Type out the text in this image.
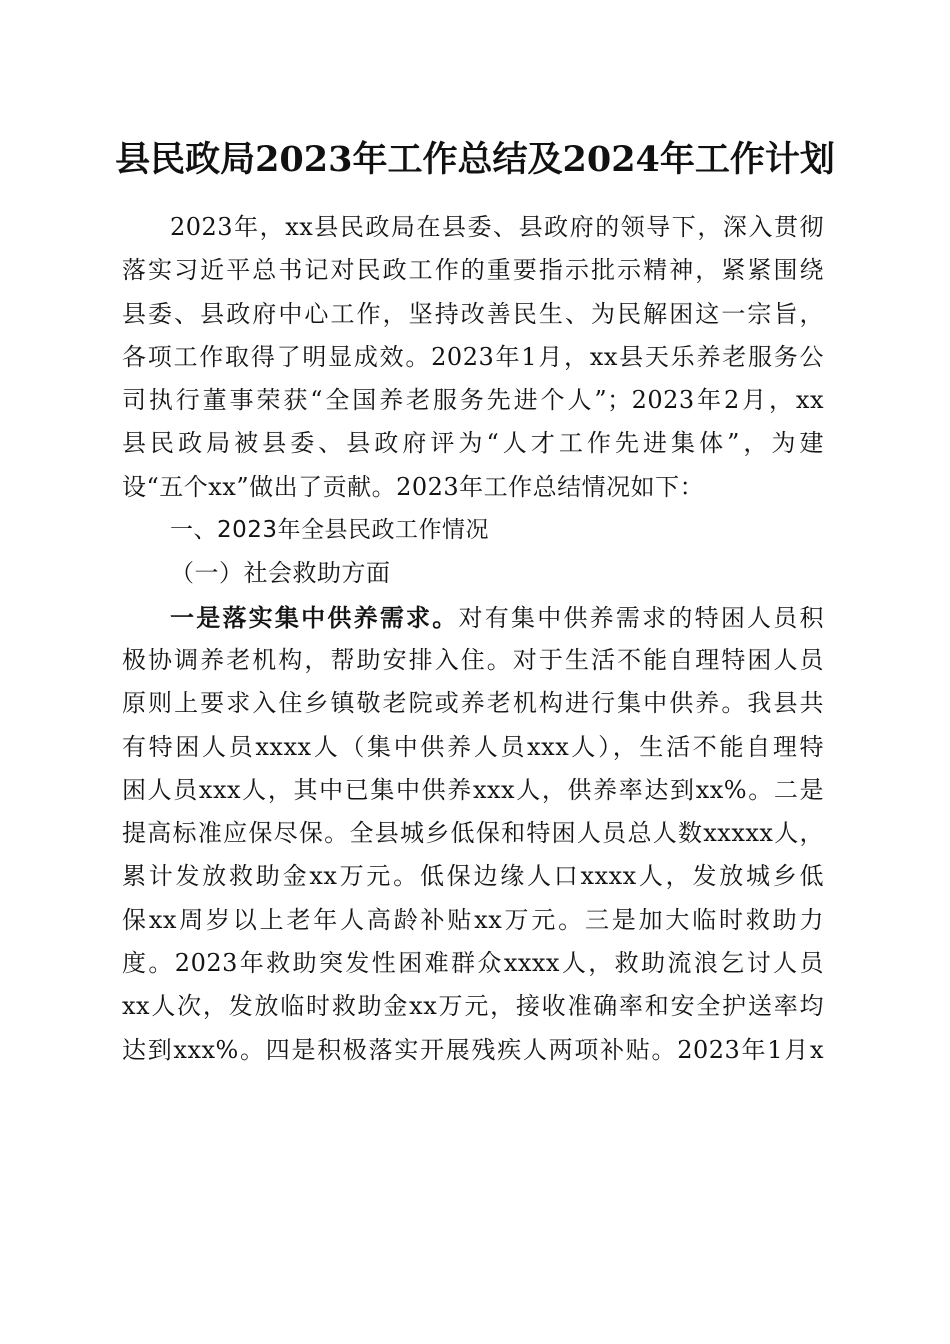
县民政局2023年工作总结及2024年工作计划
2023年，xx县民政局在县委、县政府的领导下，深入贯彻
落实习近平总书记对民政工作的重要指示批示精神，紧紧围绕
县委、县政府中心工作，坚持改善民生、为民解困这一宗旨，
各项工作取得了明显成效。2023年1月，xx县天乐养老服务公
司执行董事荣获“全国养老服务先进个人”；2023年2月，xx
县民政局被县委、县政府评为“人才工作先进集体”，为建
设“五个xx”做出了贡献。2023年工作总结情况如下：
一、2023年全县民政工作情况
（一）社会救助方面
一是落实集中供养需求。对有集中供养需求的特困人员积
极协调养老机构，帮助安排入住。对于生活不能自理特困人员
原则上要求入住乡镇敬老院或养老机构进行集中供养。我县共
有特困人员xxxx人（集中供养人员xxx人），生活不能自理特
困人员xxx人，其中已集中供养xxx人，供养率达到xx%。二是
提高标准应保尽保。全县城乡低保和特困人员总人数xxxxx人，
累计发放救助金xx万元。低保边缘人口xxxx人，发放城乡低
保xx周岁以上老年人高龄补贴xx万元。三是加大临时救助力
度。2023年救助突发性困难群众xxxx人，救助流浪乞讨人员
xx人次，发放临时救助金xx万元，接收准确率和安全护送率均
达到xxx%。四是积极落实开展残疾人两项补贴。2023年1月x
